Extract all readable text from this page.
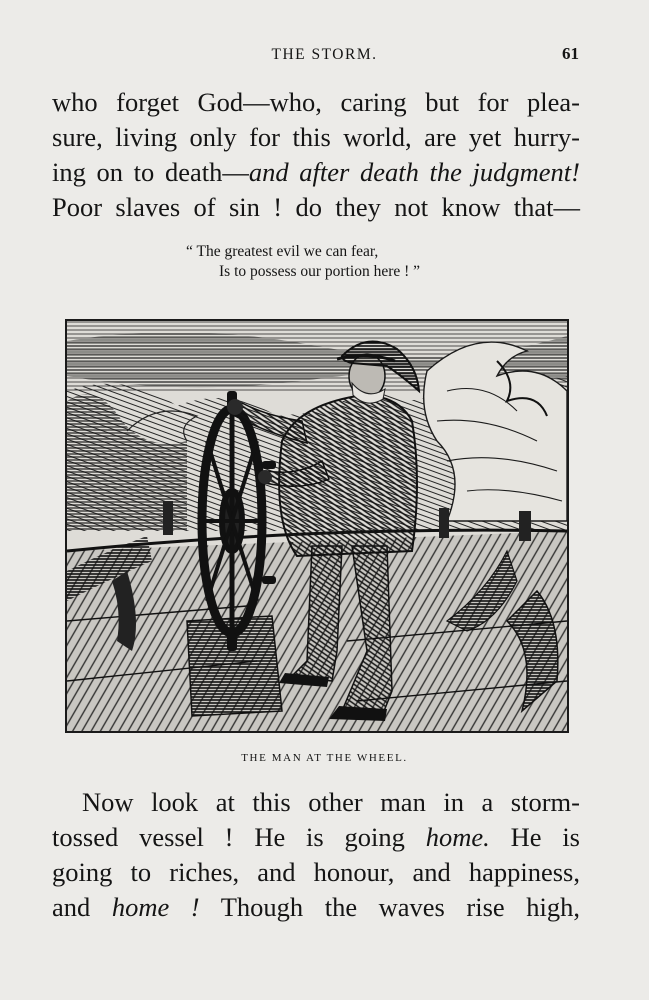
THE STORM.	61
who forget God—who, caring but for plea-
sure, living only for this world, are yet hurry-
ing on to death—and after death the judgment!
Poor slaves of sin ! do they not know that—
“ The greatest evil we can fear,
Is to possess our portion here ! ”
THE MAN AT THE WHEEL.
Now look at this other man in a storm-
tossed vessel ! He is going home. He is
going to riches, and honour, and happiness,
and home ! Though the waves rise high,
